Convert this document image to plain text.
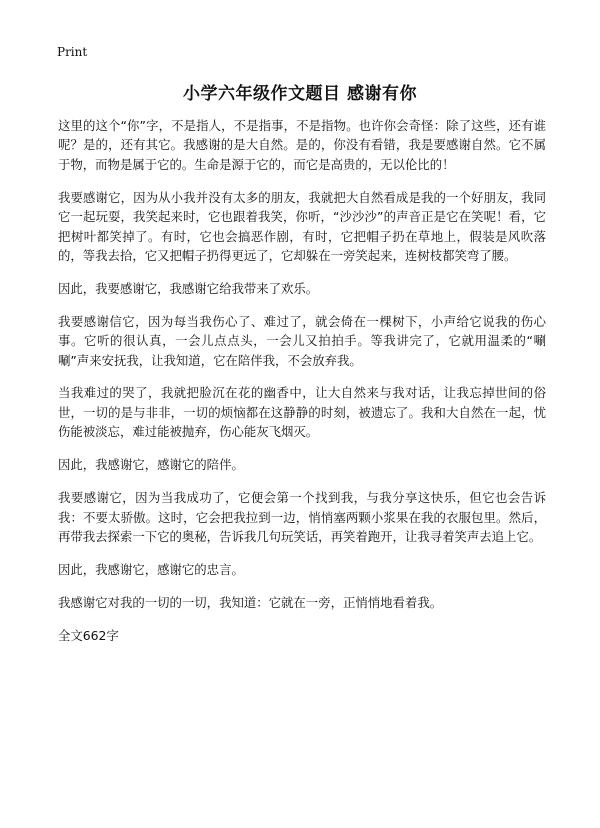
Print
小学六年级作文题目 感谢有你

这里的这个“你”字，不是指人，不是指事，不是指物。也许你会奇怪：除了这些，还有谁呢？是的，还有其它。我感谢的是大自然。是的，你没有看错，我是要感谢自然。它不属于物，而物是属于它的。生命是源于它的，而它是高贵的，无以伦比的！

我要感谢它，因为从小我并没有太多的朋友，我就把大自然看成是我的一个好朋友，我同它一起玩耍，我笑起来时，它也跟着我笑，你听，“沙沙沙”的声音正是它在笑呢！看，它把树叶都笑掉了。有时，它也会搞恶作剧，有时，它把帽子扔在草地上，假装是风吹落的，等我去拾，它又把帽子扔得更远了，它却躲在一旁笑起来，连树枝都笑弯了腰。

因此，我要感谢它，我感谢它给我带来了欢乐。

我要感谢信它，因为每当我伤心了、难过了，就会倚在一棵树下，小声给它说我的伤心事。它听的很认真，一会儿点点头，一会儿又拍拍手。等我讲完了，它就用温柔的“唰唰”声来安抚我，让我知道，它在陪伴我，不会放弃我。

当我难过的哭了，我就把脸沉在花的幽香中，让大自然来与我对话，让我忘掉世间的俗世，一切的是与非非，一切的烦恼都在这静静的时刻，被遗忘了。我和大自然在一起，忧伤能被淡忘，难过能被抛弃，伤心能灰飞烟灭。

因此，我感谢它，感谢它的陪伴。

我要感谢它，因为当我成功了，它便会第一个找到我，与我分享这快乐，但它也会告诉我：不要太骄傲。这时，它会把我拉到一边，悄悄塞两颗小浆果在我的衣服包里。然后，再带我去探索一下它的奥秘，告诉我几句玩笑话，再笑着跑开，让我寻着笑声去追上它。

因此，我感谢它，感谢它的忠言。

我感谢它对我的一切的一切，我知道：它就在一旁，正悄悄地看着我。

全文662字
